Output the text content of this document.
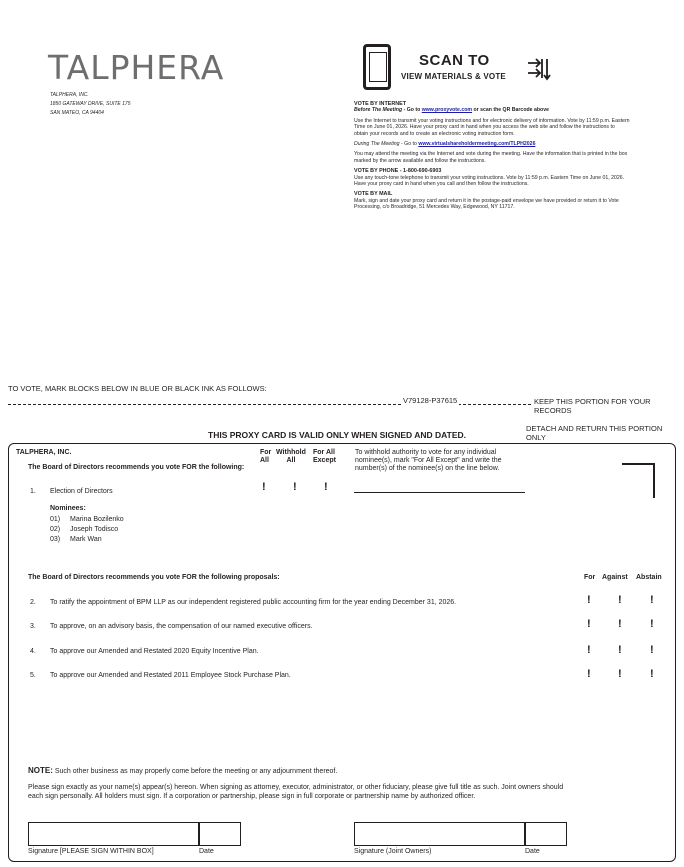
TALPHERA
TALPHERA, INC.
1850 GATEWAY DRIVE, SUITE 175
SAN MATEO, CA 94404
SCAN TO
VIEW MATERIALS & VOTE
VOTE BY INTERNET

Before The Meeting - Go to www.proxyvote.com or scan the QR Barcode above

Use the Internet to transmit your voting instructions and for electronic delivery of information. Vote by 11:59 p.m. Eastern Time on June 01, 2026. Have your proxy card in hand when you access the web site and follow the instructions to obtain your records and to create an electronic voting instruction form.

During The Meeting - Go to www.virtualshareholdermeeting.com/TLPH2026

You may attend the meeting via the Internet and vote during the meeting. Have the information that is printed in the box marked by the arrow available and follow the instructions.

VOTE BY PHONE - 1-800-690-6903

Use any touch-tone telephone to transmit your voting instructions. Vote by 11:59 p.m. Eastern Time on June 01, 2026. Have your proxy card in hand when you call and then follow the instructions.

VOTE BY MAIL

Mark, sign and date your proxy card and return it in the postage-paid envelope we have provided or return it to Vote Processing, c/o Broadridge, 51 Mercedes Way, Edgewood, NY 11717.

TO VOTE, MARK BLOCKS BELOW IN BLUE OR BLACK INK AS FOLLOWS:
V79128-P37615	KEEP THIS PORTION FOR YOUR RECORDS
DETACH AND RETURN THIS PORTION ONLY
THIS PROXY CARD IS VALID ONLY WHEN SIGNED AND DATED.
TALPHERA, INC.
The Board of Directors recommends you vote FOR the following:
For
All
Withhold
All
For All
Except
To withhold authority to vote for any individual nominee(s), mark "For All Except" and write the number(s) of the nominee(s) on the line below.
1. Election of Directors	! ! !
Nominees:
01) Marina Bozilenko
02) Joseph Todisco
03) Mark Wan
The Board of Directors recommends you vote FOR the following proposals:	For Against Abstain
2. To ratify the appointment of BPM LLP as our independent registered public accounting firm for the year ending December 31, 2026.	! !	!
3. To approve, on an advisory basis, the compensation of our named executive officers.	! !	!
4. To approve our Amended and Restated 2020 Equity Incentive Plan.	! !	!
5. To approve our Amended and Restated 2011 Employee Stock Purchase Plan.	! !	!
NOTE: Such other business as may properly come before the meeting or any adjournment thereof.
Please sign exactly as your name(s) appear(s) hereon. When signing as attorney, executor, administrator, or other fiduciary, please give full title as such. Joint owners should each sign personally. All holders must sign. If a corporation or partnership, please sign in full corporate or partnership name by authorized officer.
Signature [PLEASE SIGN WITHIN BOX]	Date	Signature (Joint Owners)	Date
